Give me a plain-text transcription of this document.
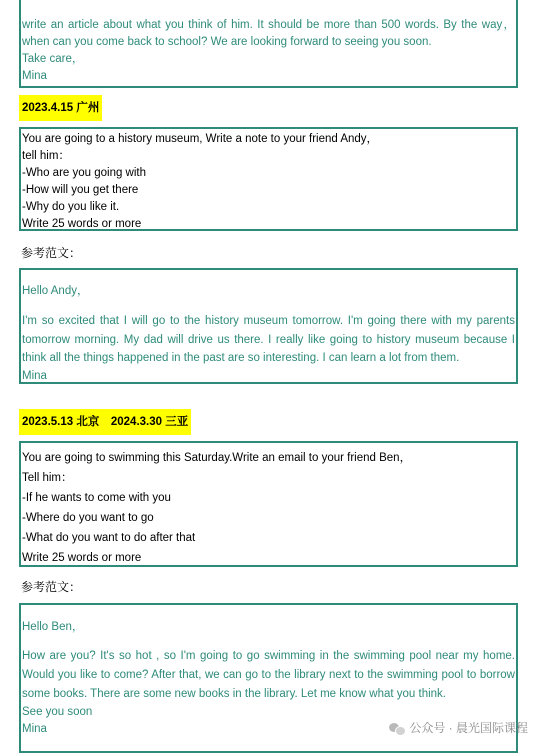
write an article about what you think of him. It should be more than 500 words. By the way， when can you come back to school? We are looking forward to seeing you soon.

Take care，

Mina

2023.4.15 广州

You are going to a history museum, Write a note to your friend Andy，

tell him：

-Who are you going with

-How will you get there

-Why do you like it.

Write 25 words or more

参考范文：

Hello Andy，

I'm so excited that I will go to the history museum tomorrow. I'm going there with my parents tomorrow morning. My dad will drive us there. I really like going to history museum because I think all the things happened in the past are so interesting. I can learn a lot from them.

Mina

2023.5.13 北京　2024.3.30 三亚

You are going to swimming this Saturday.Write an email to your friend Ben，

Tell him：

-If he wants to come with you

-Where do you want to go

-What do you want to do after that

Write 25 words or more

参考范文：

Hello Ben，

How are you? It's so hot , so I'm going to go swimming in the swimming pool near my home. Would you like to come? After that, we can go to the library next to the swimming pool to borrow some books. There are some new books in the library. Let me know what you think.

See you soon

Mina	公众号 · 晨光国际课程
